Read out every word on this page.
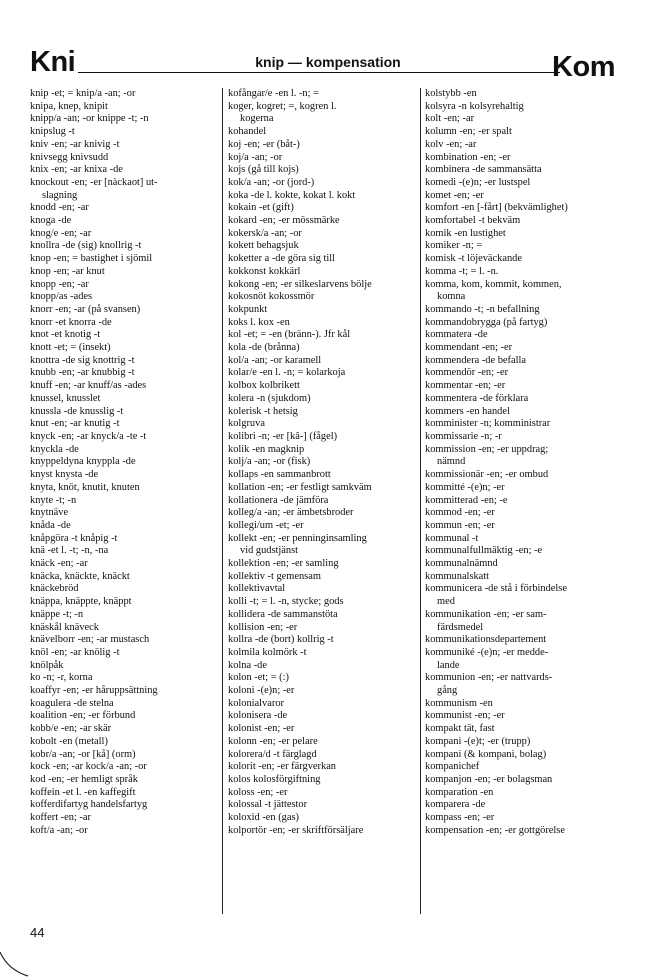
Kni	knip — kompensation	Kom
knip -et; = knip/a -an; -or
knipa, knep, knipit
knipp/a -an; -or knippe -t; -n
knipslug -t
kniv -en; -ar knivig -t
knivsegg knivsudd
knix -en; -ar knixa -de
knockout -en; -er [nàckaot] ut-
slagning
knodd -en; -ar
knoga -de
knog/e -en; -ar
knollra -de (sig) knollrig -t
knop -en; = bastighet i sjömil
knop -en; -ar knut
knopp -en; -ar
knopp/as -ades
knorr -en; -ar (på svansen)
knorr -et knorra -de
knot -et knotig -t
knott -et; = (insekt)
knottra -de sig knottrig -t
knubb -en; -ar knubbig -t
knuff -en; -ar knuff/as -ades
knussel, knusslet
knussla -de knusslig -t
knut -en; -ar knutig -t
knyck -en; -ar knyck/a -te -t
knyckla -de
knyppeldyna knyppla -de
knyst knysta -de
knyta, knöt, knutit, knuten
knyte -t; -n
knytnäve
knåda -de
knåpgöra -t knåpig -t
knä -et l. -t; -n, -na
knäck -en; -ar
knäcka, knäckte, knäckt
knäckebröd
knäppa, knäppte, knäppt
knäppe -t; -n
knäskål knäveck
knävelborr -en; -ar mustasch
knöl -en; -ar knölig -t
knölpåk
ko -n; -r, korna
koaffyr -en; -er håruppsättning
koagulera -de stelna
koalition -en; -er förbund
kobb/e -en; -ar skär
kobolt -en (metall)
kobr/a -an; -or [kå] (orm)
kock -en; -ar kock/a -an; -or
kod -en; -er hemligt språk
koffein -et l. -en kaffegift
kofferdifartyg handelsfartyg
koffert -en; -ar
koft/a -an; -or
kofångar/e -en l. -n; =
koger, kogret; =, kogren l.
kogerna
kohandel
koj -en; -er (båt-)
koj/a -an; -or
kojs (gå till kojs)
kok/a -an; -or (jord-)
koka -de l. kokte, kokat l. kokt
kokain -et (gift)
kokard -en; -er mössmärke
kokersk/a -an; -or
kokett behagsjuk
koketter a -de göra sig till
kokkonst kokkärl
kokong -en; -er silkeslarvens bölje
kokosnöt kokossmör
kokpunkt
koks l. kox -en
kol -et; = -en (bränn-). Jfr kål
kola -de (brånna)
kol/a -an; -or karamell
kolar/e -en l. -n; = kolarkoja
kolbox kolbrikett
kolera -n (sjukdom)
kolerisk -t hetsig
kolgruva
kolibri -n; -er [kâ-] (fågel)
kolik -en magknip
kolj/a -an; -or (fisk)
kollaps -en sammanbrott
kollation -en; -er festligt samkväm
kollationera -de jämföra
kolleg/a -an; -er ämbetsbroder
kollegi/um -et; -er
kollekt -en; -er penninginsamling
vid gudstjänst
kollektion -en; -er samling
kollektiv -t gemensam
kollektivavtal
kolli -t; = l. -n, stycke; gods
kollidera -de sammanstöta
kollision -en; -er
kollra -de (bort) kollrig -t
kolmila kolmörk -t
kolna -de
kolon -et; = (:)
koloni -(e)n; -er
kolonialvaror
kolonisera -de
kolonist -en; -er
kolonn -en; -er pelare
kolorera/d -t färglagd
kolorit -en; -er färgverkan
kolos kolosförgiftning
koloss -en; -er
kolossal -t jättestor
koloxid -en (gas)
kolportör -en; -er skriftförsäljare
kolstybb -en
kolsyra -n kolsyrehaltig
kolt -en; -ar
kolumn -en; -er spalt
kolv -en; -ar
kombination -en; -er
kombinera -de sammansätta
komedi -(e)n; -er lustspel
komet -en; -er
komfort -en [-fårt] (bekvämlighet)
komfortabel -t bekväm
komik -en lustighet
komiker -n; =
komisk -t löjeväckande
komma -t; = l. -n.
komma, kom, kommit, kommen,
komna
kommando -t; -n befallning
kommandobrygga (på fartyg)
kommatera -de
kommendant -en; -er
kommendera -de befalla
kommendör -en; -er
kommentar -en; -er
kommentera -de förklara
kommers -en handel
komminister -n; komministrar
kommissarie -n; -r
kommission -en; -er uppdrag;
nämnd
kommissionär -en; -er ombud
kommitté -(e)n; -er
kommitterad -en; -e
kommod -en; -er
kommun -en; -er
kommunal -t
kommunalfullmäktig -en; -e
kommunalnämnd
kommunalskatt
kommunicera -de stå i förbindelse
med
kommunikation -en; -er sam-
färdsmedel
kommunikationsdepartement
kommuniké -(e)n; -er medde-
lande
kommunion -en; -er nattvards-
gång
kommunism -en
kommunist -en; -er
kompakt tät, fast
kompani -(e)t; -er (trupp)
kompani (& kompani, bolag)
kompanichef
kompanjon -en; -er bolagsman
komparation -en
komparera -de
kompass -en; -er
kompensation -en; -er gottgörelse
44
